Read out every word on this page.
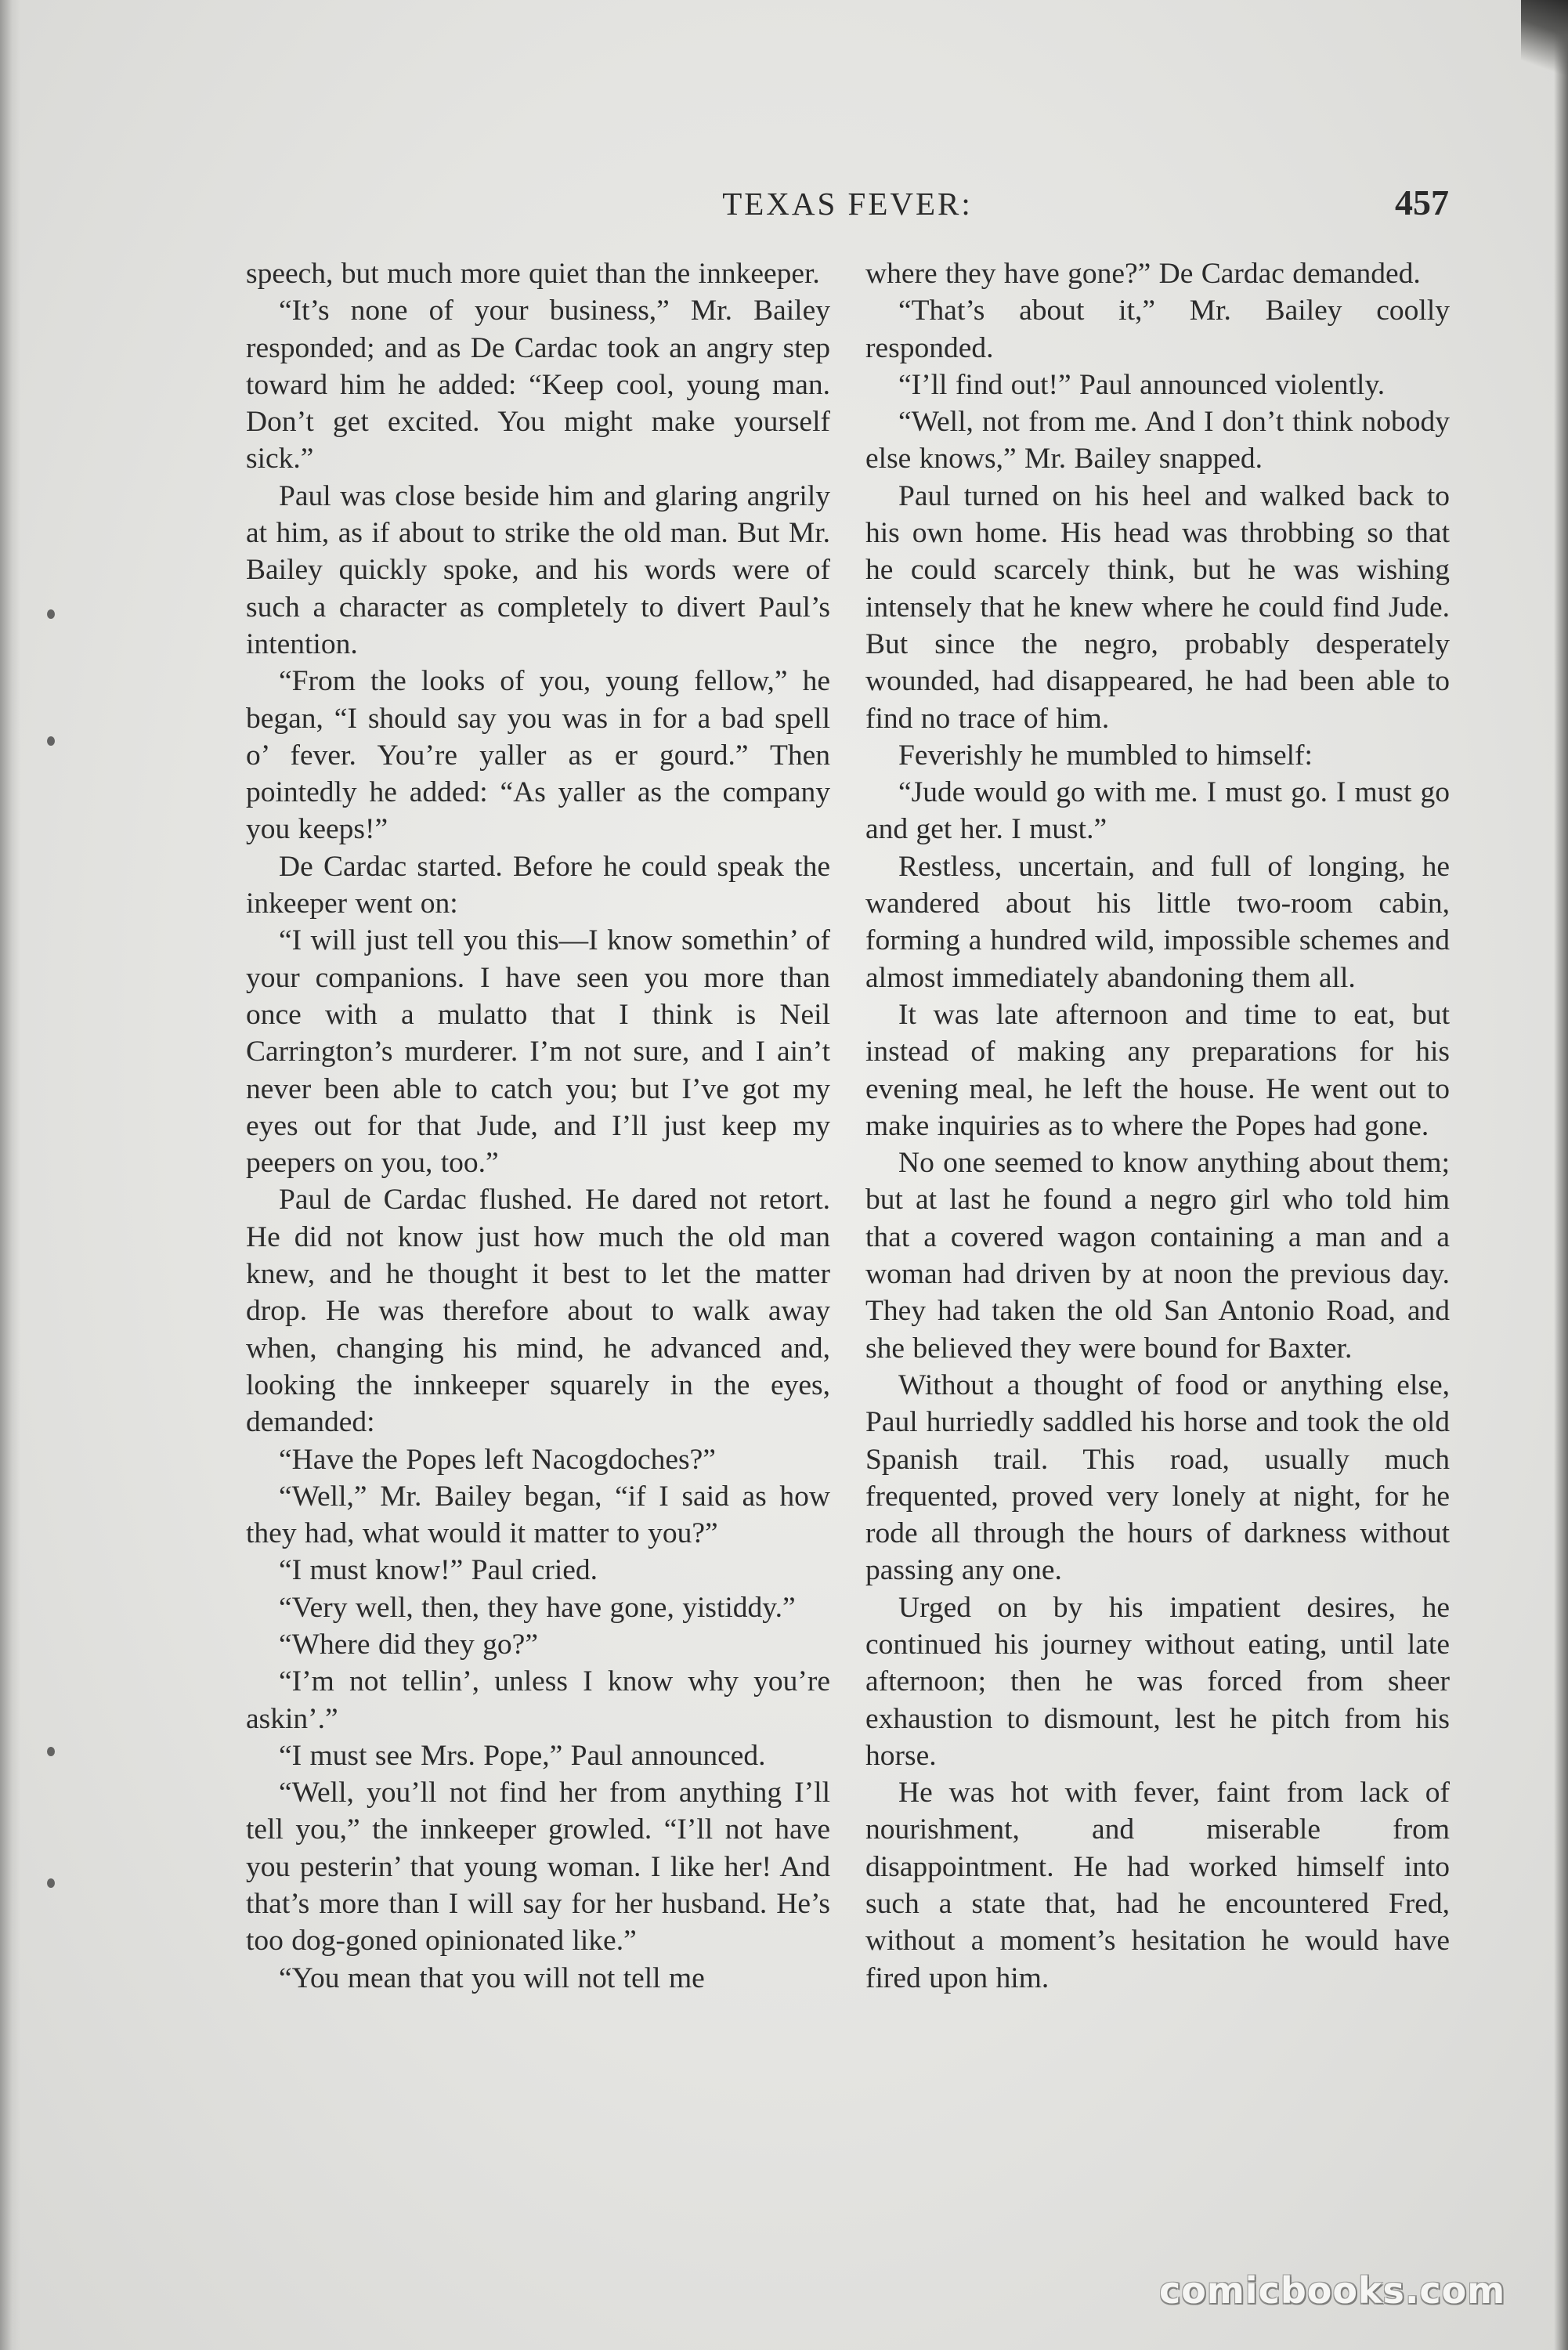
TEXAS FEVER:	457

speech, but much more quiet than the innkeeper.

“It’s none of your business,” Mr. Bailey responded; and as De Cardac took an angry step toward him he added: “Keep cool, young man. Don’t get excited. You might make yourself sick.”

Paul was close beside him and glaring angrily at him, as if about to strike the old man. But Mr. Bailey quickly spoke, and his words were of such a character as completely to divert Paul’s intention.

“From the looks of you, young fellow,” he began, “I should say you was in for a bad spell o’ fever. You’re yaller as er gourd.” Then pointedly he added: “As yaller as the company you keeps!”

De Cardac started. Before he could speak the inkeeper went on:

“I will just tell you this—I know somethin’ of your companions. I have seen you more than once with a mulatto that I think is Neil Carrington’s murderer. I’m not sure, and I ain’t never been able to catch you; but I’ve got my eyes out for that Jude, and I’ll just keep my peepers on you, too.”

Paul de Cardac flushed. He dared not retort. He did not know just how much the old man knew, and he thought it best to let the matter drop. He was therefore about to walk away when, changing his mind, he advanced and, looking the innkeeper squarely in the eyes, demanded:

“Have the Popes left Nacogdoches?”

“Well,” Mr. Bailey began, “if I said as how they had, what would it matter to you?”

“I must know!” Paul cried.

“Very well, then, they have gone, yistiddy.”

“Where did they go?”

“I’m not tellin’, unless I know why you’re askin’.”

“I must see Mrs. Pope,” Paul announced.

“Well, you’ll not find her from anything I’ll tell you,” the innkeeper growled. “I’ll not have you pesterin’ that young woman. I like her! And that’s more than I will say for her husband. He’s too dog-goned opinionated like.”

“You mean that you will not tell me

where they have gone?” De Cardac demanded.

“That’s about it,” Mr. Bailey coolly responded.

“I’ll find out!” Paul announced violently.

“Well, not from me. And I don’t think nobody else knows,” Mr. Bailey snapped.

Paul turned on his heel and walked back to his own home. His head was throbbing so that he could scarcely think, but he was wishing intensely that he knew where he could find Jude. But since the negro, probably desperately wounded, had disappeared, he had been able to find no trace of him.

Feverishly he mumbled to himself:

“Jude would go with me. I must go. I must go and get her. I must.”

Restless, uncertain, and full of longing, he wandered about his little two-room cabin, forming a hundred wild, impossible schemes and almost immediately abandoning them all.

It was late afternoon and time to eat, but instead of making any preparations for his evening meal, he left the house. He went out to make inquiries as to where the Popes had gone.

No one seemed to know anything about them; but at last he found a negro girl who told him that a covered wagon containing a man and a woman had driven by at noon the previous day. They had taken the old San Antonio Road, and she believed they were bound for Baxter.

Without a thought of food or anything else, Paul hurriedly saddled his horse and took the old Spanish trail. This road, usually much frequented, proved very lonely at night, for he rode all through the hours of darkness without passing any one.

Urged on by his impatient desires, he continued his journey without eating, until late afternoon; then he was forced from sheer exhaustion to dismount, lest he pitch from his horse.

He was hot with fever, faint from lack of nourishment, and miserable from disappointment. He had worked himself into such a state that, had he encountered Fred, without a moment’s hesitation he would have fired upon him.

comicbooks.com
